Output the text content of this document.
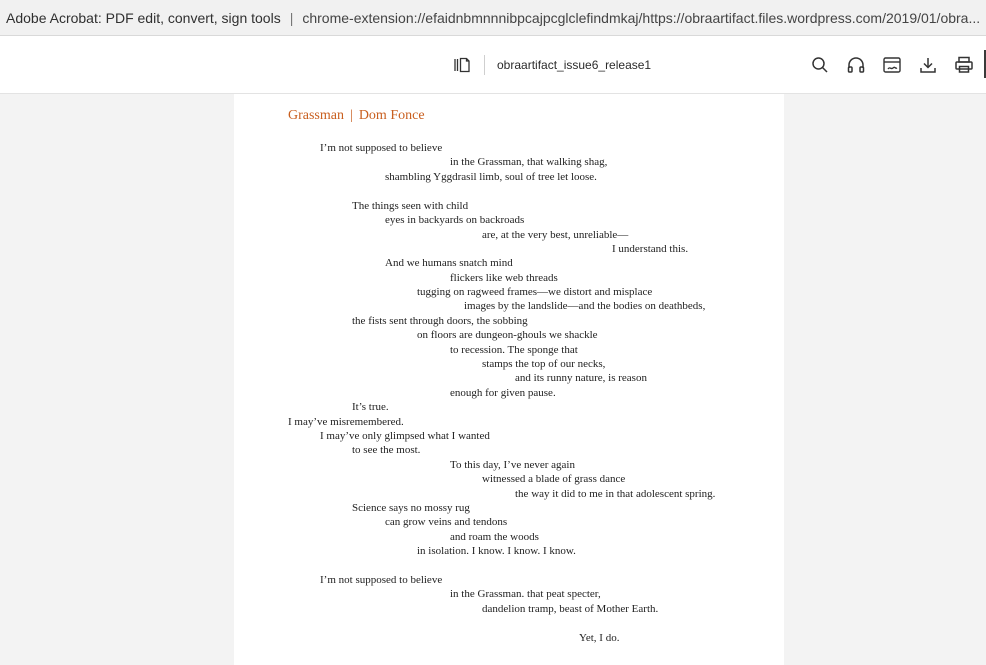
Adobe Acrobat: PDF edit, convert, sign tools | chrome-extension://efaidnbmnnnibpcajpcglclefindmkaj/https://obraartifact.files.wordpress.com/2019/01/obra...
obraartifact_issue6_release1
Grassman | Dom Fonce
I’m not supposed to believe
in the Grassman, that walking shag,
shambling Yggdrasil limb, soul of tree let loose.
The things seen with child
eyes in backyards on backroads
are, at the very best, unreliable—
I understand this.
And we humans snatch mind
flickers like web threads
tugging on ragweed frames—we distort and misplace
images by the landslide—and the bodies on deathbeds,
the fists sent through doors, the sobbing
on floors are dungeon-ghouls we shackle
to recession. The sponge that
stamps the top of our necks,
and its runny nature, is reason
enough for given pause.
It’s true.
I may’ve misremembered.
I may’ve only glimpsed what I wanted
to see the most.
To this day, I’ve never again
witnessed a blade of grass dance
the way it did to me in that adolescent spring.
Science says no mossy rug
can grow veins and tendons
and roam the woods
in isolation. I know. I know. I know.
I’m not supposed to believe
in the Grassman. that peat specter,
dandelion tramp, beast of Mother Earth.
Yet, I do.
